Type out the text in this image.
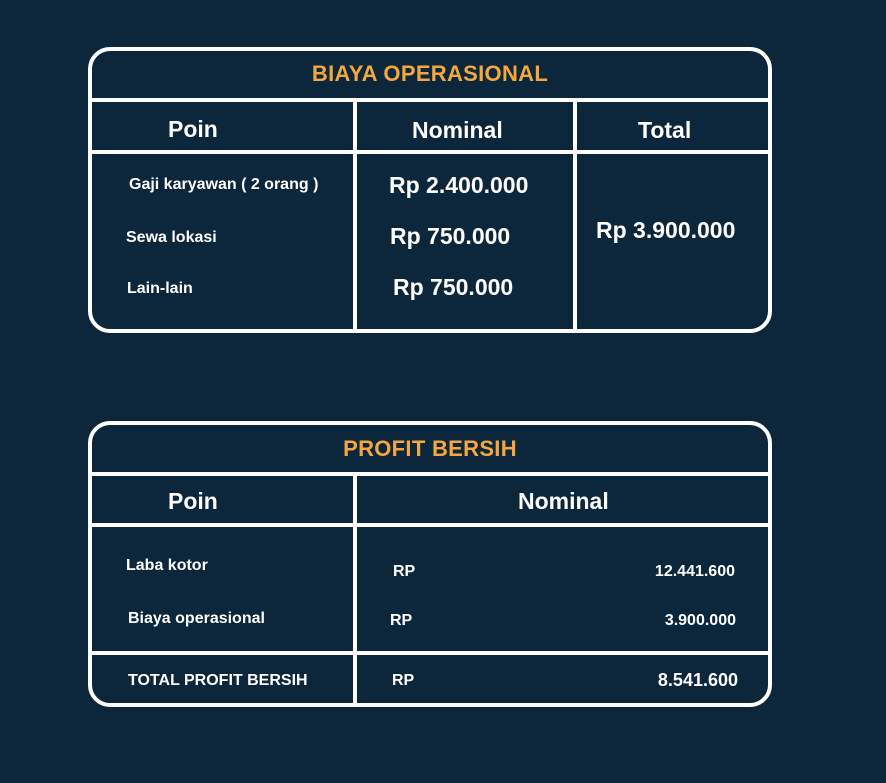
BIAYA OPERASIONAL
Poin	Nominal	Total
Gaji karyawan ( 2 orang )	Rp 2.400.000
Sewa lokasi	Rp 750.000
Lain-lain	Rp 750.000
Rp 3.900.000
PROFIT BERSIH
Poin	Nominal
Laba kotor	RP	12.441.600
Biaya operasional	RP	3.900.000
TOTAL PROFIT BERSIH	RP	8.541.600
